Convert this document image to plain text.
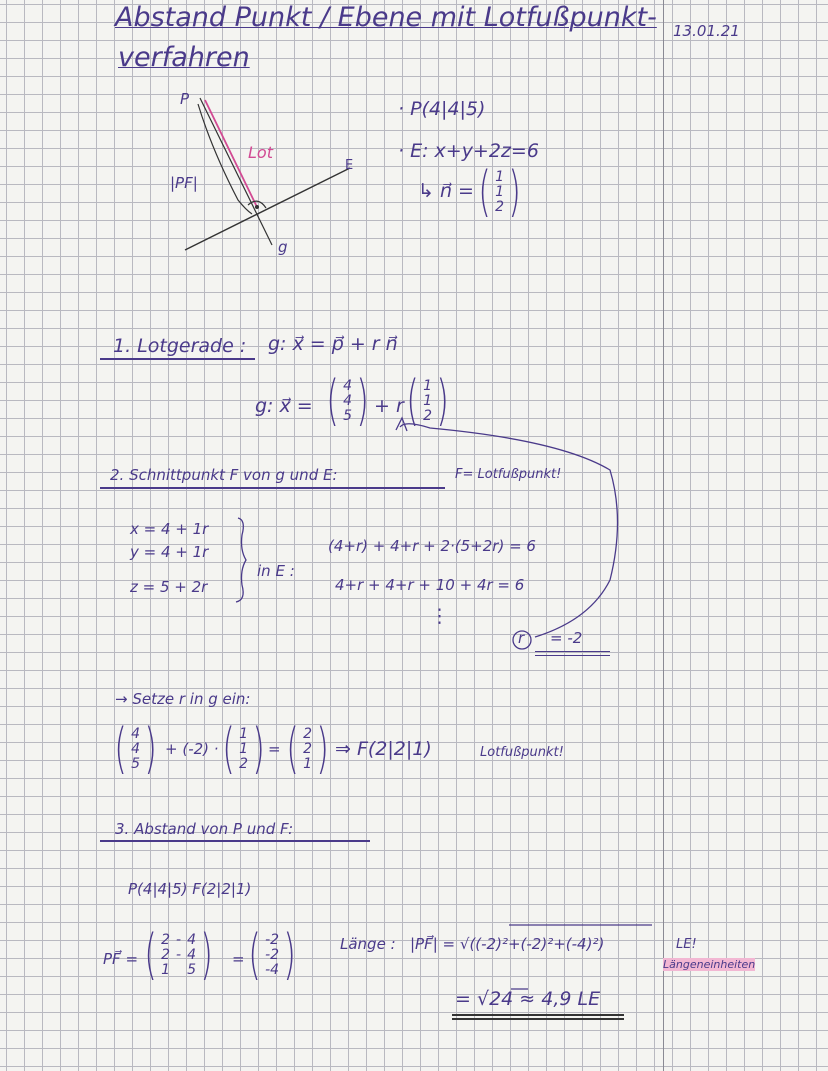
Abstand Punkt / Ebene mit Lotfußpunkt-
verfahren
13.01.21
P
Lot
|PF|
E
g
· P(4|4|5)
· E: x+y+2z=6
↳ n⃗ = ( 1
1
2 )
1. Lotgerade : g: x⃗ = p⃗ + r n⃗
g: x⃗ = ( 4
4
5 ) + r ( 1
1
2 )
2. Schnittpunkt F von g und E:	F= Lotfußpunkt!
x = 4 + 1r
y = 4 + 1r
z = 5 + 2r
in E :
(4+r) + 4+r + 2·(5+2r) = 6
4+r + 4+r + 10 + 4r = 6
⋮
r = -2
→ Setze r in g ein:
( 4
4
5 ) + (-2) · ( 1
1
2 ) = ( 2
2
1 ) ⇒ F(2|2|1)	Lotfußpunkt!
3. Abstand von P und F:
P(4|4|5) F(2|2|1)
PF⃗ = ( 2 - 4
2 - 4
1 5 ) = ( -2
-2
-4 )	Länge : |PF⃗| = √((-2)²+(-2)²+(-4)²)	LE!
Längeneinheiten
= √24 ≈ 4,9 LE
